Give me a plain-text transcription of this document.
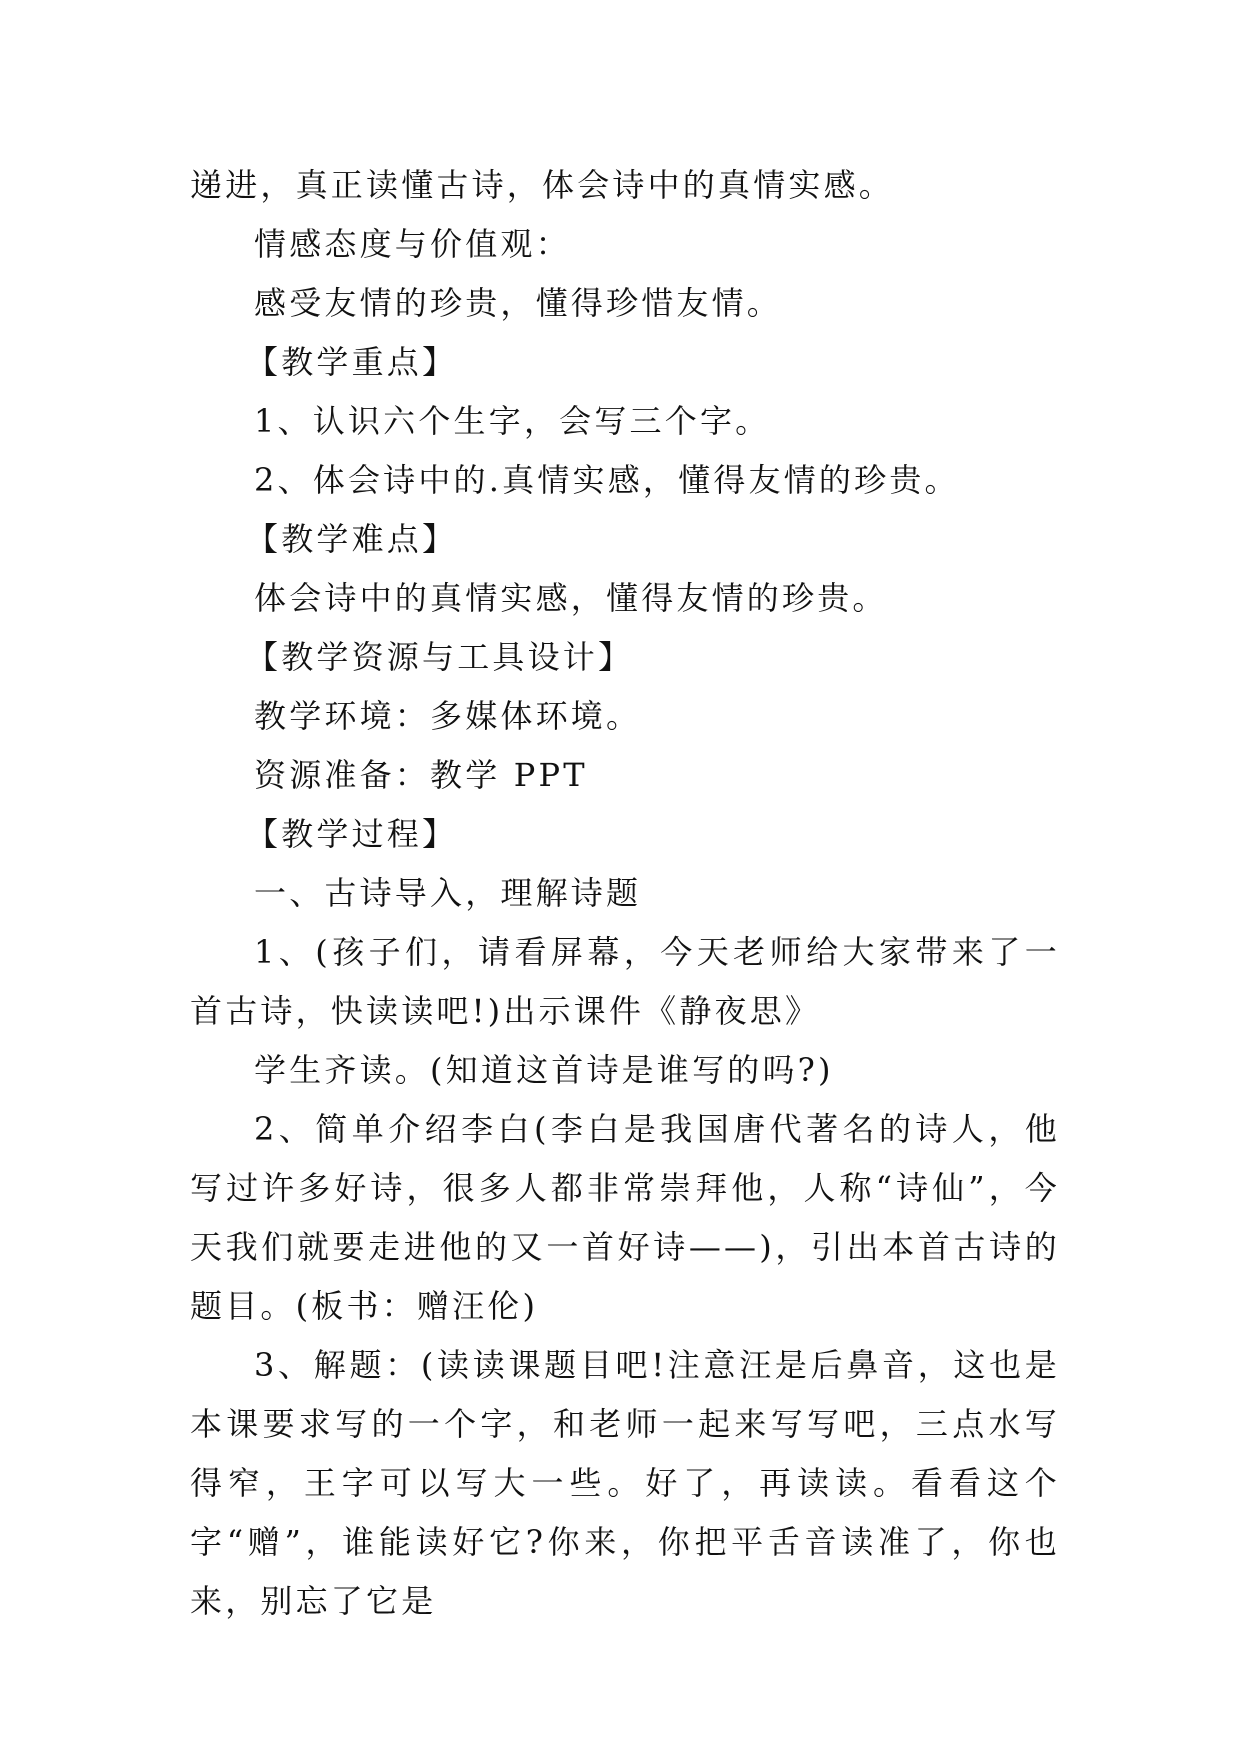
递进，真正读懂古诗，体会诗中的真情实感。

情感态度与价值观：

感受友情的珍贵，懂得珍惜友情。

【教学重点】

1、认识六个生字，会写三个字。

2、体会诗中的.真情实感，懂得友情的珍贵。

【教学难点】

体会诗中的真情实感，懂得友情的珍贵。

【教学资源与工具设计】

教学环境：多媒体环境。

资源准备：教学 PPT

【教学过程】

一、古诗导入，理解诗题

1、(孩子们，请看屏幕，今天老师给大家带来了一首古诗，快读读吧!)出示课件《静夜思》

学生齐读。(知道这首诗是谁写的吗?)

2、简单介绍李白(李白是我国唐代著名的诗人，他写过许多好诗，很多人都非常崇拜他，人称“诗仙”，今天我们就要走进他的又一首好诗——)，引出本首古诗的题目。(板书：赠汪伦)

3、解题：(读读课题目吧!注意汪是后鼻音，这也是本课要求写的一个字，和老师一起来写写吧，三点水写得窄，王字可以写大一些。好了，再读读。看看这个字“赠”，谁能读好它?你来，你把平舌音读准了，你也来，别忘了它是
